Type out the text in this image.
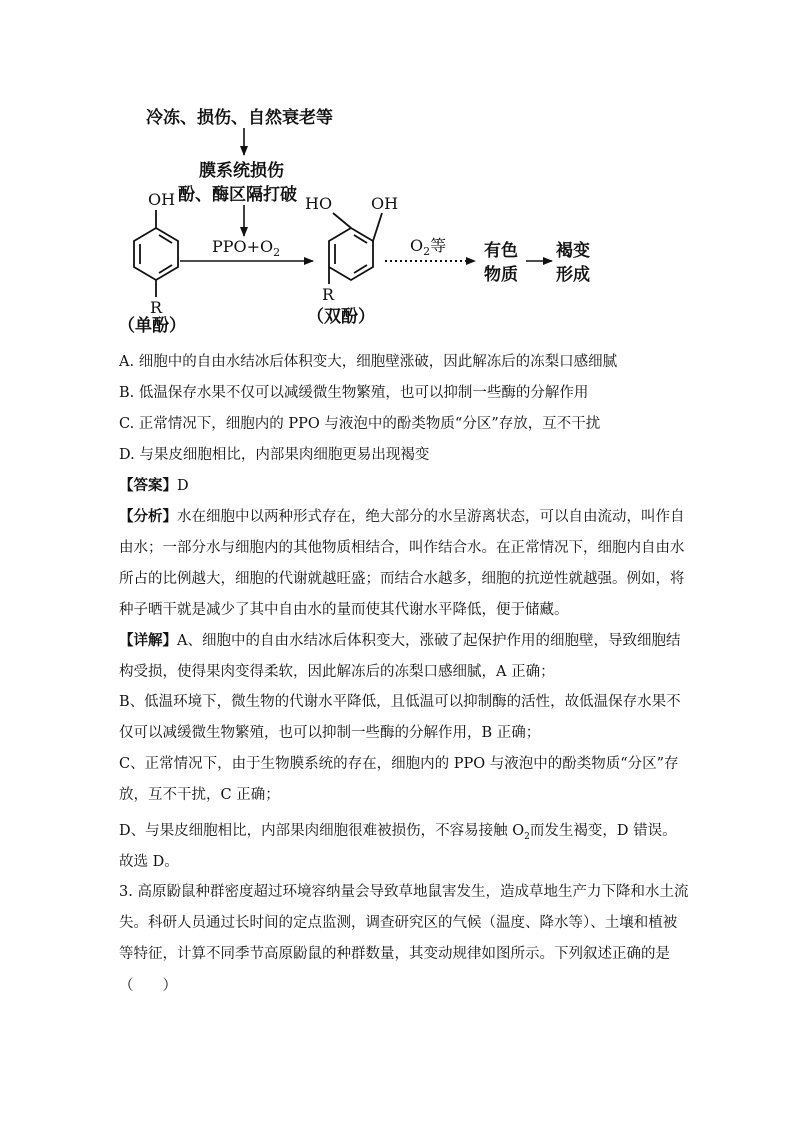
冷冻、损伤、自然衰老等
膜系统损伤
酚、酶区隔打破
OH
R
（单酚）
$PPO+O_2$
HO OH
R
（双酚）
$O_2$等 有色
物质
褐变
形成
A. 细胞中的自由水结冰后体积变大，细胞壁涨破，因此解冻后的冻梨口感细腻
B. 低温保存水果不仅可以减缓微生物繁殖，也可以抑制一些酶的分解作用
C. 正常情况下，细胞内的 PPO 与液泡中的酚类物质“分区”存放，互不干扰
D. 与果皮细胞相比，内部果肉细胞更易出现褐变
【答案】D
【分析】水在细胞中以两种形式存在，绝大部分的水呈游离状态，可以自由流动，叫作自由水；一部分水与细胞内的其他物质相结合，叫作结合水。在正常情况下，细胞内自由水所占的比例越大，细胞的代谢就越旺盛；而结合水越多，细胞的抗逆性就越强。例如，将种子晒干就是减少了其中自由水的量而使其代谢水平降低，便于储藏。
【详解】A、细胞中的自由水结冰后体积变大，涨破了起保护作用的细胞壁，导致细胞结构受损，使得果肉变得柔软，因此解冻后的冻梨口感细腻，A 正确；
B、低温环境下，微生物的代谢水平降低，且低温可以抑制酶的活性，故低温保存水果不仅可以减缓微生物繁殖，也可以抑制一些酶的分解作用，B 正确；
C、正常情况下，由于生物膜系统的存在，细胞内的 PPO 与液泡中的酚类物质“分区”存放，互不干扰，C 正确；
D、与果皮细胞相比，内部果肉细胞很难被损伤，不容易接触 $O_2$而发生褐变，D 错误。
故选 D。
3. 高原鼢鼠种群密度超过环境容纳量会导致草地鼠害发生，造成草地生产力下降和水土流失。科研人员通过长时间的定点监测，调查研究区的气候（温度、降水等）、土壤和植被等特征，计算不同季节高原鼢鼠的种群数量，其变动规律如图所示。下列叙述正确的是
（　　）
